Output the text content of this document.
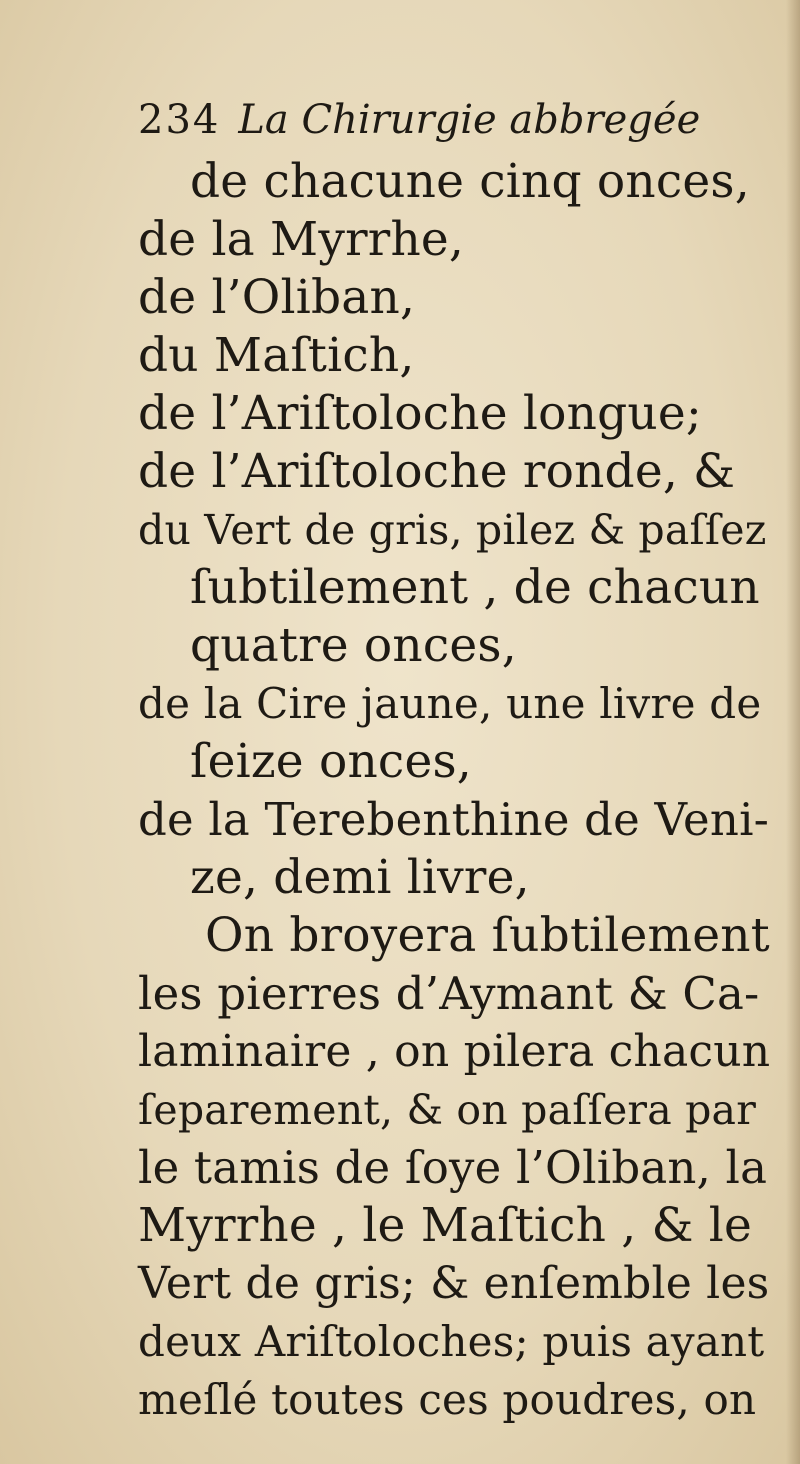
234 La Chirurgie abbregée
de chacune cinq onces,
de la Myrrhe,
de l’Oliban,
du Maſtich,
de l’Ariſtoloche longue;
de l’Ariſtoloche ronde, &
du Vert de gris, pilez & paſſez
ſubtilement , de chacun
quatre onces,
de la Cire jaune, une livre de
ſeize onces,
de la Terebenthine de Veni-
ze, demi livre,
On broyera ſubtilement
les pierres d’Aymant & Ca-
laminaire , on pilera chacun
ſeparement, & on paſſera par
le tamis de ſoye l’Oliban, la
Myrrhe , le Maſtich , & le
Vert de gris; & enſemble les
deux Ariſtoloches; puis ayant
meſlé toutes ces poudres, on
